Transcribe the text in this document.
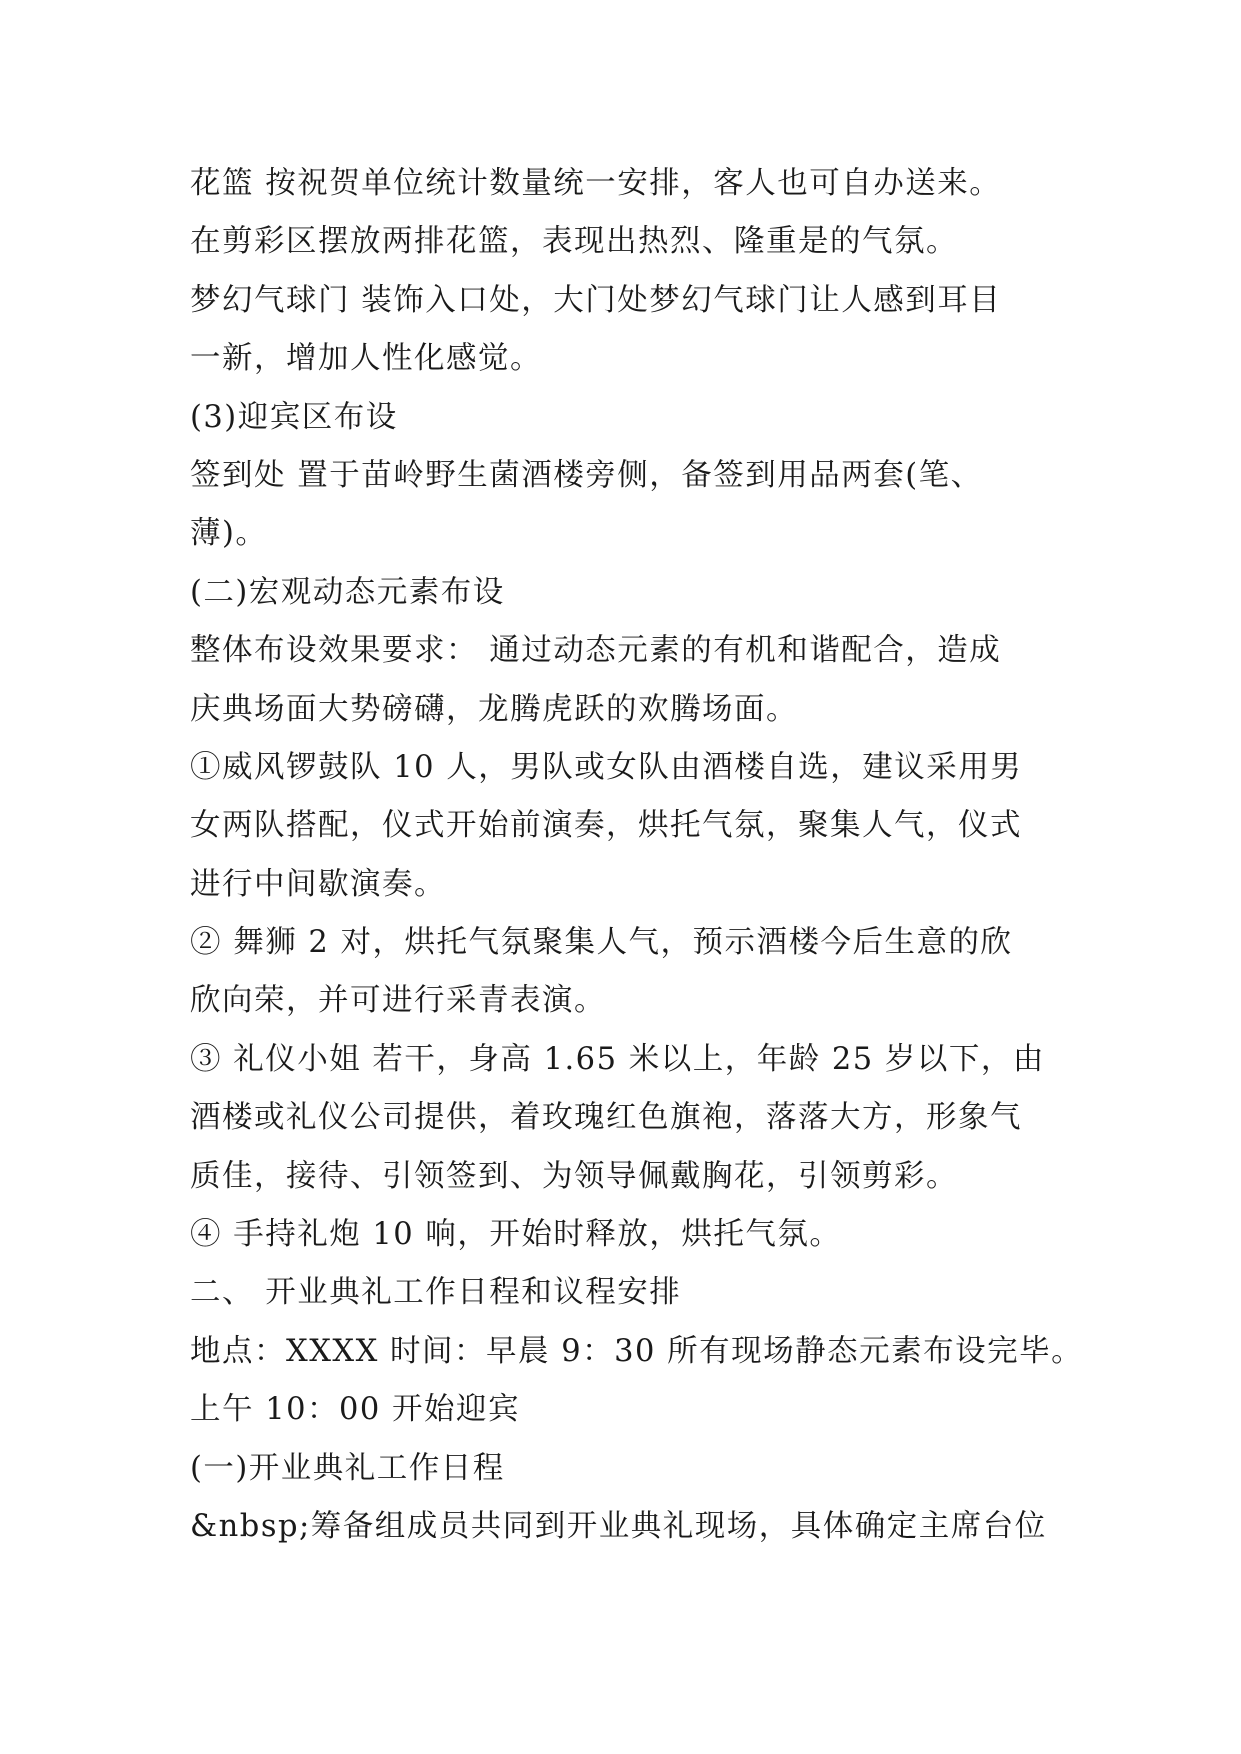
花篮 按祝贺单位统计数量统一安排，客人也可自办送来。
在剪彩区摆放两排花篮，表现出热烈、隆重是的气氛。
梦幻气球门 装饰入口处，大门处梦幻气球门让人感到耳目
一新，增加人性化感觉。
(3)迎宾区布设
签到处 置于苗岭野生菌酒楼旁侧，备签到用品两套(笔、
薄)。
(二)宏观动态元素布设
整体布设效果要求： 通过动态元素的有机和谐配合，造成
庆典场面大势磅礴，龙腾虎跃的欢腾场面。
①威风锣鼓队 10 人，男队或女队由酒楼自选，建议采用男
女两队搭配，仪式开始前演奏，烘托气氛，聚集人气，仪式
进行中间歇演奏。
② 舞狮 2 对，烘托气氛聚集人气，预示酒楼今后生意的欣
欣向荣，并可进行采青表演。
③ 礼仪小姐 若干，身高 1.65 米以上，年龄 25 岁以下，由
酒楼或礼仪公司提供，着玫瑰红色旗袍，落落大方，形象气
质佳，接待、引领签到、为领导佩戴胸花，引领剪彩。
④ 手持礼炮 10 响，开始时释放，烘托气氛。
二、 开业典礼工作日程和议程安排
地点：XXXX 时间：早晨 9：30 所有现场静态元素布设完毕。
上午 10：00 开始迎宾
(一)开业典礼工作日程
&nbsp;筹备组成员共同到开业典礼现场，具体确定主席台位
